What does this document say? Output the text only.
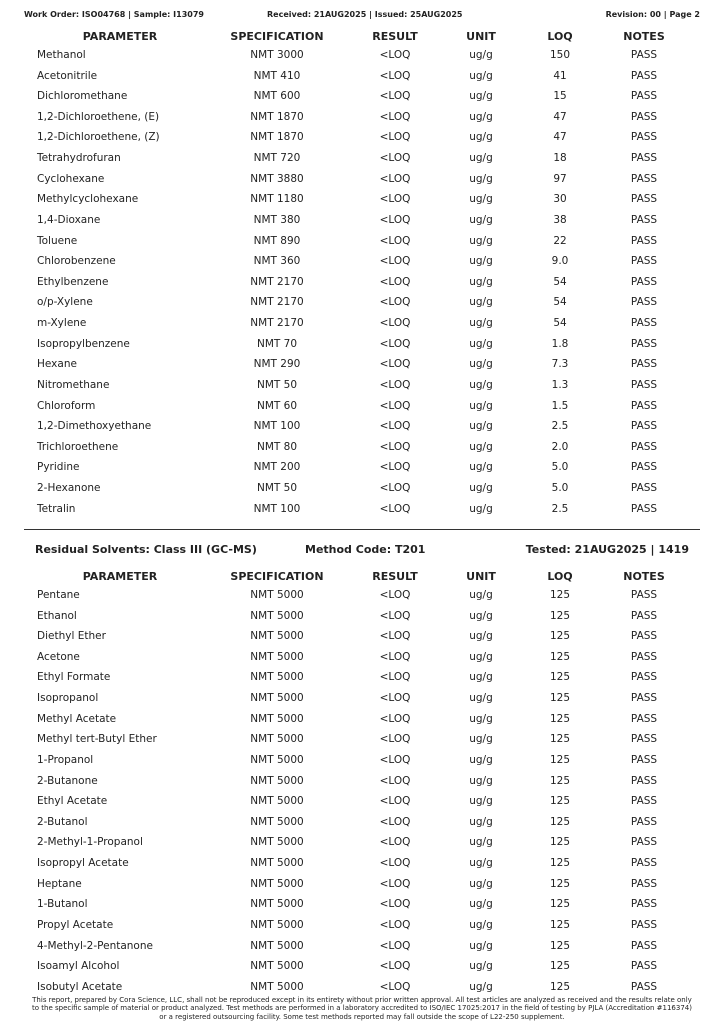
Work Order: ISO04768 | Sample: I13079	Received: 21AUG2025 | Issued: 25AUG2025	Revision: 00 | Page 2
PARAMETER	SPECIFICATION	RESULT	UNIT	LOQ	NOTES
Methanol	NMT 3000	<LOQ	ug/g	150	PASS
Acetonitrile	NMT 410	<LOQ	ug/g	41	PASS
Dichloromethane	NMT 600	<LOQ	ug/g	15	PASS
1,2-Dichloroethene, (E)	NMT 1870	<LOQ	ug/g	47	PASS
1,2-Dichloroethene, (Z)	NMT 1870	<LOQ	ug/g	47	PASS
Tetrahydrofuran	NMT 720	<LOQ	ug/g	18	PASS
Cyclohexane	NMT 3880	<LOQ	ug/g	97	PASS
Methylcyclohexane	NMT 1180	<LOQ	ug/g	30	PASS
1,4-Dioxane	NMT 380	<LOQ	ug/g	38	PASS
Toluene	NMT 890	<LOQ	ug/g	22	PASS
Chlorobenzene	NMT 360	<LOQ	ug/g	9.0	PASS
Ethylbenzene	NMT 2170	<LOQ	ug/g	54	PASS
o/p-Xylene	NMT 2170	<LOQ	ug/g	54	PASS
m-Xylene	NMT 2170	<LOQ	ug/g	54	PASS
Isopropylbenzene	NMT 70	<LOQ	ug/g	1.8	PASS
Hexane	NMT 290	<LOQ	ug/g	7.3	PASS
Nitromethane	NMT 50	<LOQ	ug/g	1.3	PASS
Chloroform	NMT 60	<LOQ	ug/g	1.5	PASS
1,2-Dimethoxyethane	NMT 100	<LOQ	ug/g	2.5	PASS
Trichloroethene	NMT 80	<LOQ	ug/g	2.0	PASS
Pyridine	NMT 200	<LOQ	ug/g	5.0	PASS
2-Hexanone	NMT 50	<LOQ	ug/g	5.0	PASS
Tetralin	NMT 100	<LOQ	ug/g	2.5	PASS
Residual Solvents: Class III (GC-MS)	Method Code: T201	Tested: 21AUG2025 | 1419
PARAMETER	SPECIFICATION	RESULT	UNIT	LOQ	NOTES
Pentane	NMT 5000	<LOQ	ug/g	125	PASS
Ethanol	NMT 5000	<LOQ	ug/g	125	PASS
Diethyl Ether	NMT 5000	<LOQ	ug/g	125	PASS
Acetone	NMT 5000	<LOQ	ug/g	125	PASS
Ethyl Formate	NMT 5000	<LOQ	ug/g	125	PASS
Isopropanol	NMT 5000	<LOQ	ug/g	125	PASS
Methyl Acetate	NMT 5000	<LOQ	ug/g	125	PASS
Methyl tert-Butyl Ether	NMT 5000	<LOQ	ug/g	125	PASS
1-Propanol	NMT 5000	<LOQ	ug/g	125	PASS
2-Butanone	NMT 5000	<LOQ	ug/g	125	PASS
Ethyl Acetate	NMT 5000	<LOQ	ug/g	125	PASS
2-Butanol	NMT 5000	<LOQ	ug/g	125	PASS
2-Methyl-1-Propanol	NMT 5000	<LOQ	ug/g	125	PASS
Isopropyl Acetate	NMT 5000	<LOQ	ug/g	125	PASS
Heptane	NMT 5000	<LOQ	ug/g	125	PASS
1-Butanol	NMT 5000	<LOQ	ug/g	125	PASS
Propyl Acetate	NMT 5000	<LOQ	ug/g	125	PASS
4-Methyl-2-Pentanone	NMT 5000	<LOQ	ug/g	125	PASS
Isoamyl Alcohol	NMT 5000	<LOQ	ug/g	125	PASS
Isobutyl Acetate	NMT 5000	<LOQ	ug/g	125	PASS
This report, prepared by Cora Science, LLC, shall not be reproduced except in its entirety without prior written approval. All test articles are analyzed as received and the results relate only
to the specific sample of material or product analyzed. Test methods are performed in a laboratory accredited to ISO/IEC 17025:2017 in the field of testing by PJLA (Accreditation #116374)
or a registered outsourcing facility. Some test methods reported may fall outside the scope of L22-250 supplement.
